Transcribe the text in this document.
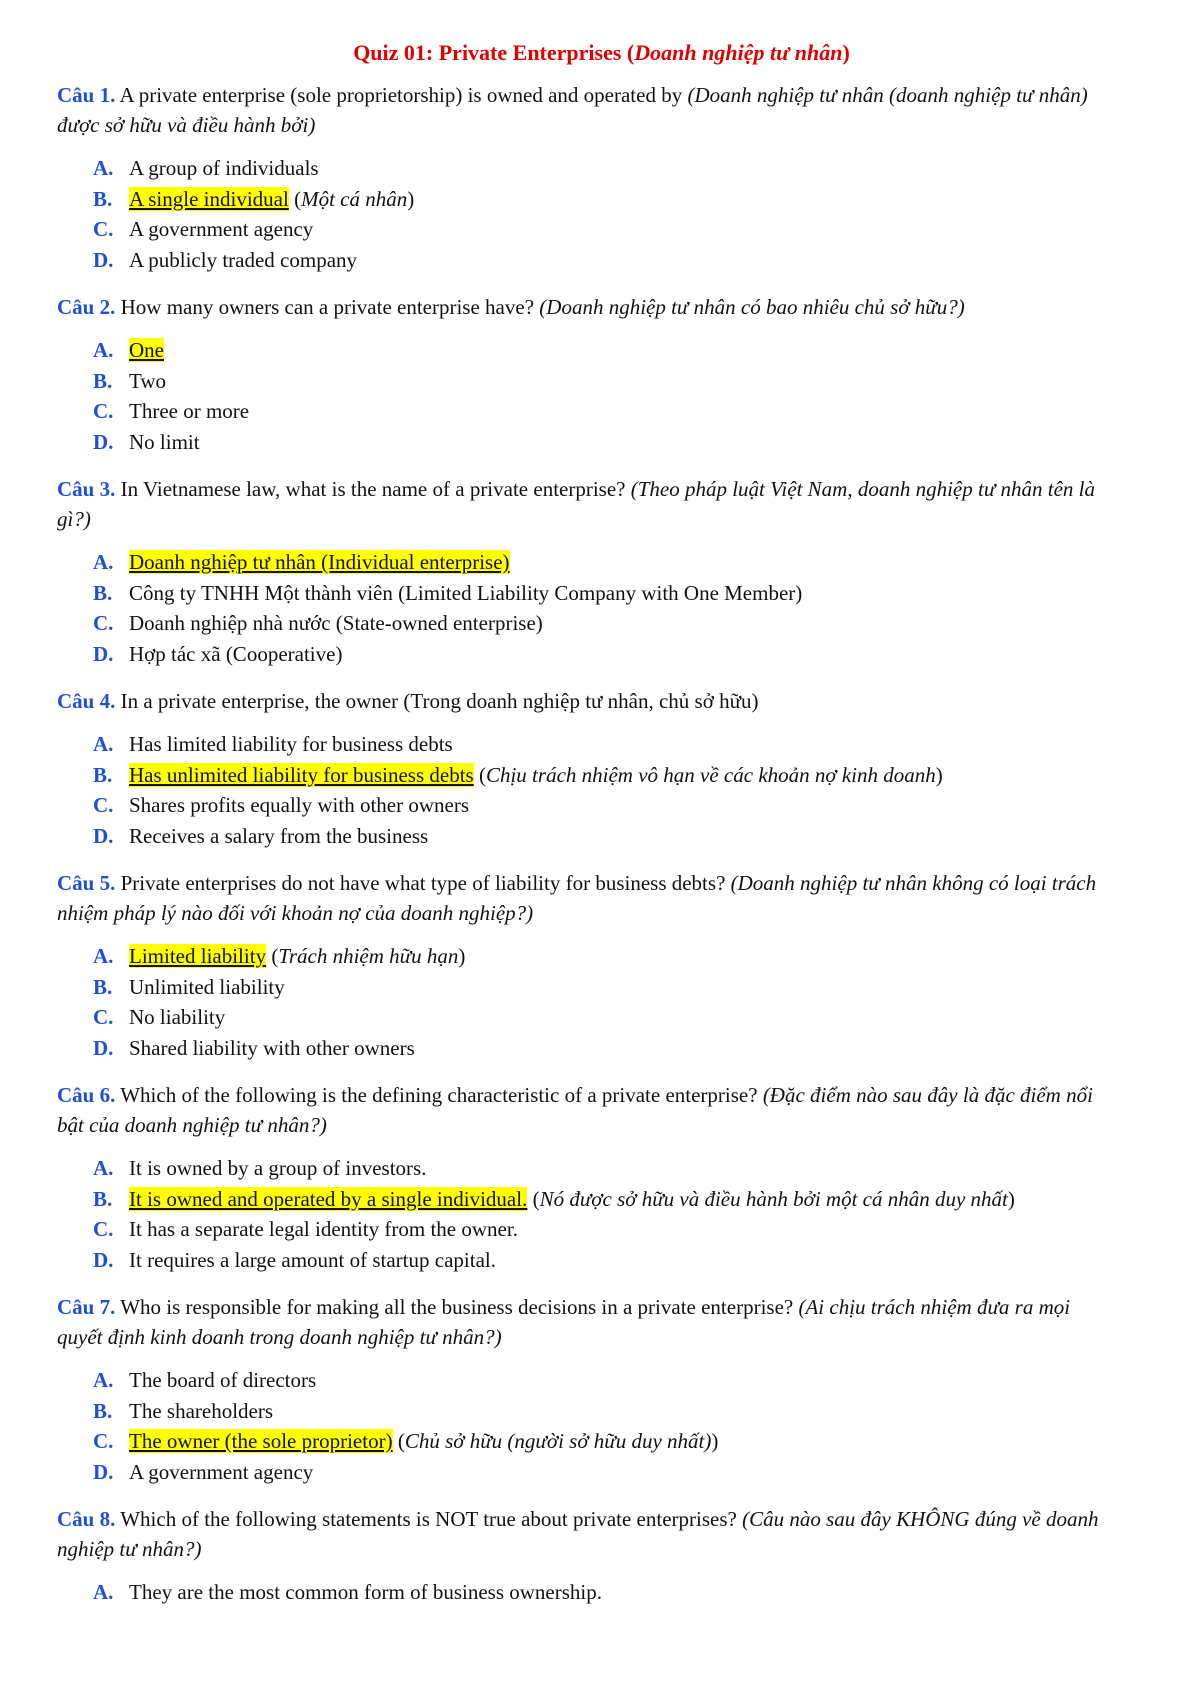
Quiz 01: Private Enterprises (Doanh nghiệp tư nhân)
Câu 1. A private enterprise (sole proprietorship) is owned and operated by (Doanh nghiệp tư nhân (doanh nghiệp tư nhân) được sở hữu và điều hành bởi)
A. A group of individuals
B. A single individual (Một cá nhân)
C. A government agency
D. A publicly traded company
Câu 2. How many owners can a private enterprise have? (Doanh nghiệp tư nhân có bao nhiêu chủ sở hữu?)
A. One
B. Two
C. Three or more
D. No limit
Câu 3. In Vietnamese law, what is the name of a private enterprise? (Theo pháp luật Việt Nam, doanh nghiệp tư nhân tên là gì?)
A. Doanh nghiệp tư nhân (Individual enterprise)
B. Công ty TNHH Một thành viên (Limited Liability Company with One Member)
C. Doanh nghiệp nhà nước (State-owned enterprise)
D. Hợp tác xã (Cooperative)
Câu 4. In a private enterprise, the owner (Trong doanh nghiệp tư nhân, chủ sở hữu)
A. Has limited liability for business debts
B. Has unlimited liability for business debts (Chịu trách nhiệm vô hạn về các khoản nợ kinh doanh)
C. Shares profits equally with other owners
D. Receives a salary from the business
Câu 5. Private enterprises do not have what type of liability for business debts? (Doanh nghiệp tư nhân không có loại trách nhiệm pháp lý nào đối với khoản nợ của doanh nghiệp?)
A. Limited liability (Trách nhiệm hữu hạn)
B. Unlimited liability
C. No liability
D. Shared liability with other owners
Câu 6. Which of the following is the defining characteristic of a private enterprise? (Đặc điểm nào sau đây là đặc điểm nổi bật của doanh nghiệp tư nhân?)
A. It is owned by a group of investors.
B. It is owned and operated by a single individual. (Nó được sở hữu và điều hành bởi một cá nhân duy nhất)
C. It has a separate legal identity from the owner.
D. It requires a large amount of startup capital.
Câu 7. Who is responsible for making all the business decisions in a private enterprise? (Ai chịu trách nhiệm đưa ra mọi quyết định kinh doanh trong doanh nghiệp tư nhân?)
A. The board of directors
B. The shareholders
C. The owner (the sole proprietor) (Chủ sở hữu (người sở hữu duy nhất))
D. A government agency
Câu 8. Which of the following statements is NOT true about private enterprises? (Câu nào sau đây KHÔNG đúng về doanh nghiệp tư nhân?)
A. They are the most common form of business ownership.
